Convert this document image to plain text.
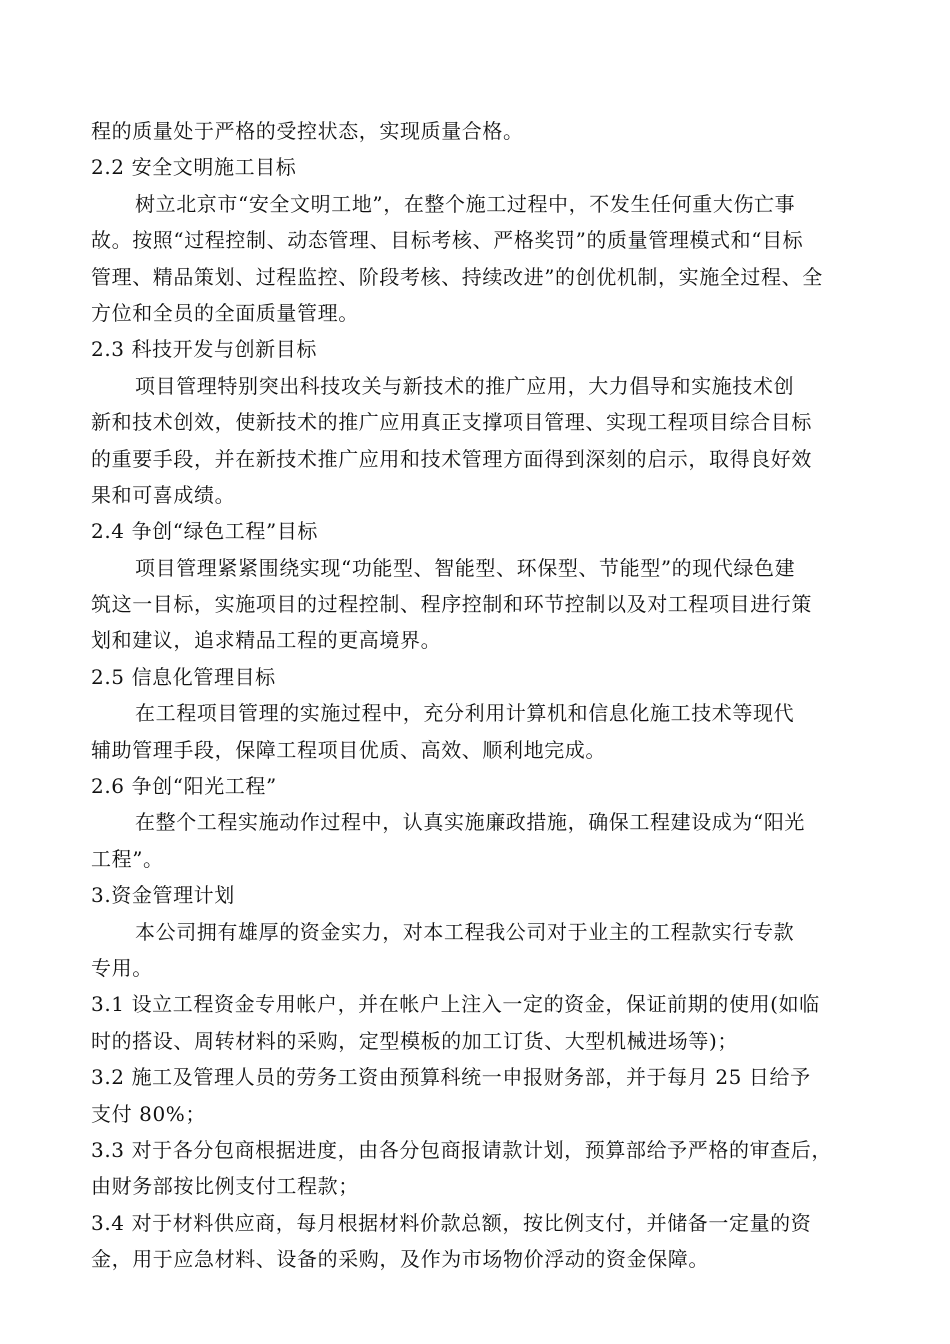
程的质量处于严格的受控状态，实现质量合格。
2.2 安全文明施工目标
树立北京市“安全文明工地”，在整个施工过程中，不发生任何重大伤亡事
故。按照“过程控制、动态管理、目标考核、严格奖罚”的质量管理模式和“目标
管理、精品策划、过程监控、阶段考核、持续改进”的创优机制，实施全过程、全
方位和全员的全面质量管理。
2.3 科技开发与创新目标
项目管理特别突出科技攻关与新技术的推广应用，大力倡导和实施技术创
新和技术创效，使新技术的推广应用真正支撑项目管理、实现工程项目综合目标
的重要手段，并在新技术推广应用和技术管理方面得到深刻的启示，取得良好效
果和可喜成绩。
2.4 争创“绿色工程”目标
项目管理紧紧围绕实现“功能型、智能型、环保型、节能型”的现代绿色建
筑这一目标，实施项目的过程控制、程序控制和环节控制以及对工程项目进行策
划和建议，追求精品工程的更高境界。
2.5 信息化管理目标
在工程项目管理的实施过程中，充分利用计算机和信息化施工技术等现代
辅助管理手段，保障工程项目优质、高效、顺利地完成。
2.6 争创“阳光工程”
在整个工程实施动作过程中，认真实施廉政措施，确保工程建设成为“阳光
工程”。
3.资金管理计划
本公司拥有雄厚的资金实力，对本工程我公司对于业主的工程款实行专款
专用。
3.1 设立工程资金专用帐户，并在帐户上注入一定的资金，保证前期的使用(如临
时的搭设、周转材料的采购，定型模板的加工订货、大型机械进场等)；
3.2 施工及管理人员的劳务工资由预算科统一申报财务部，并于每月 25 日给予
支付 80%；
3.3 对于各分包商根据进度，由各分包商报请款计划，预算部给予严格的审查后，
由财务部按比例支付工程款；
3.4 对于材料供应商，每月根据材料价款总额，按比例支付，并储备一定量的资
金，用于应急材料、设备的采购，及作为市场物价浮动的资金保障。
